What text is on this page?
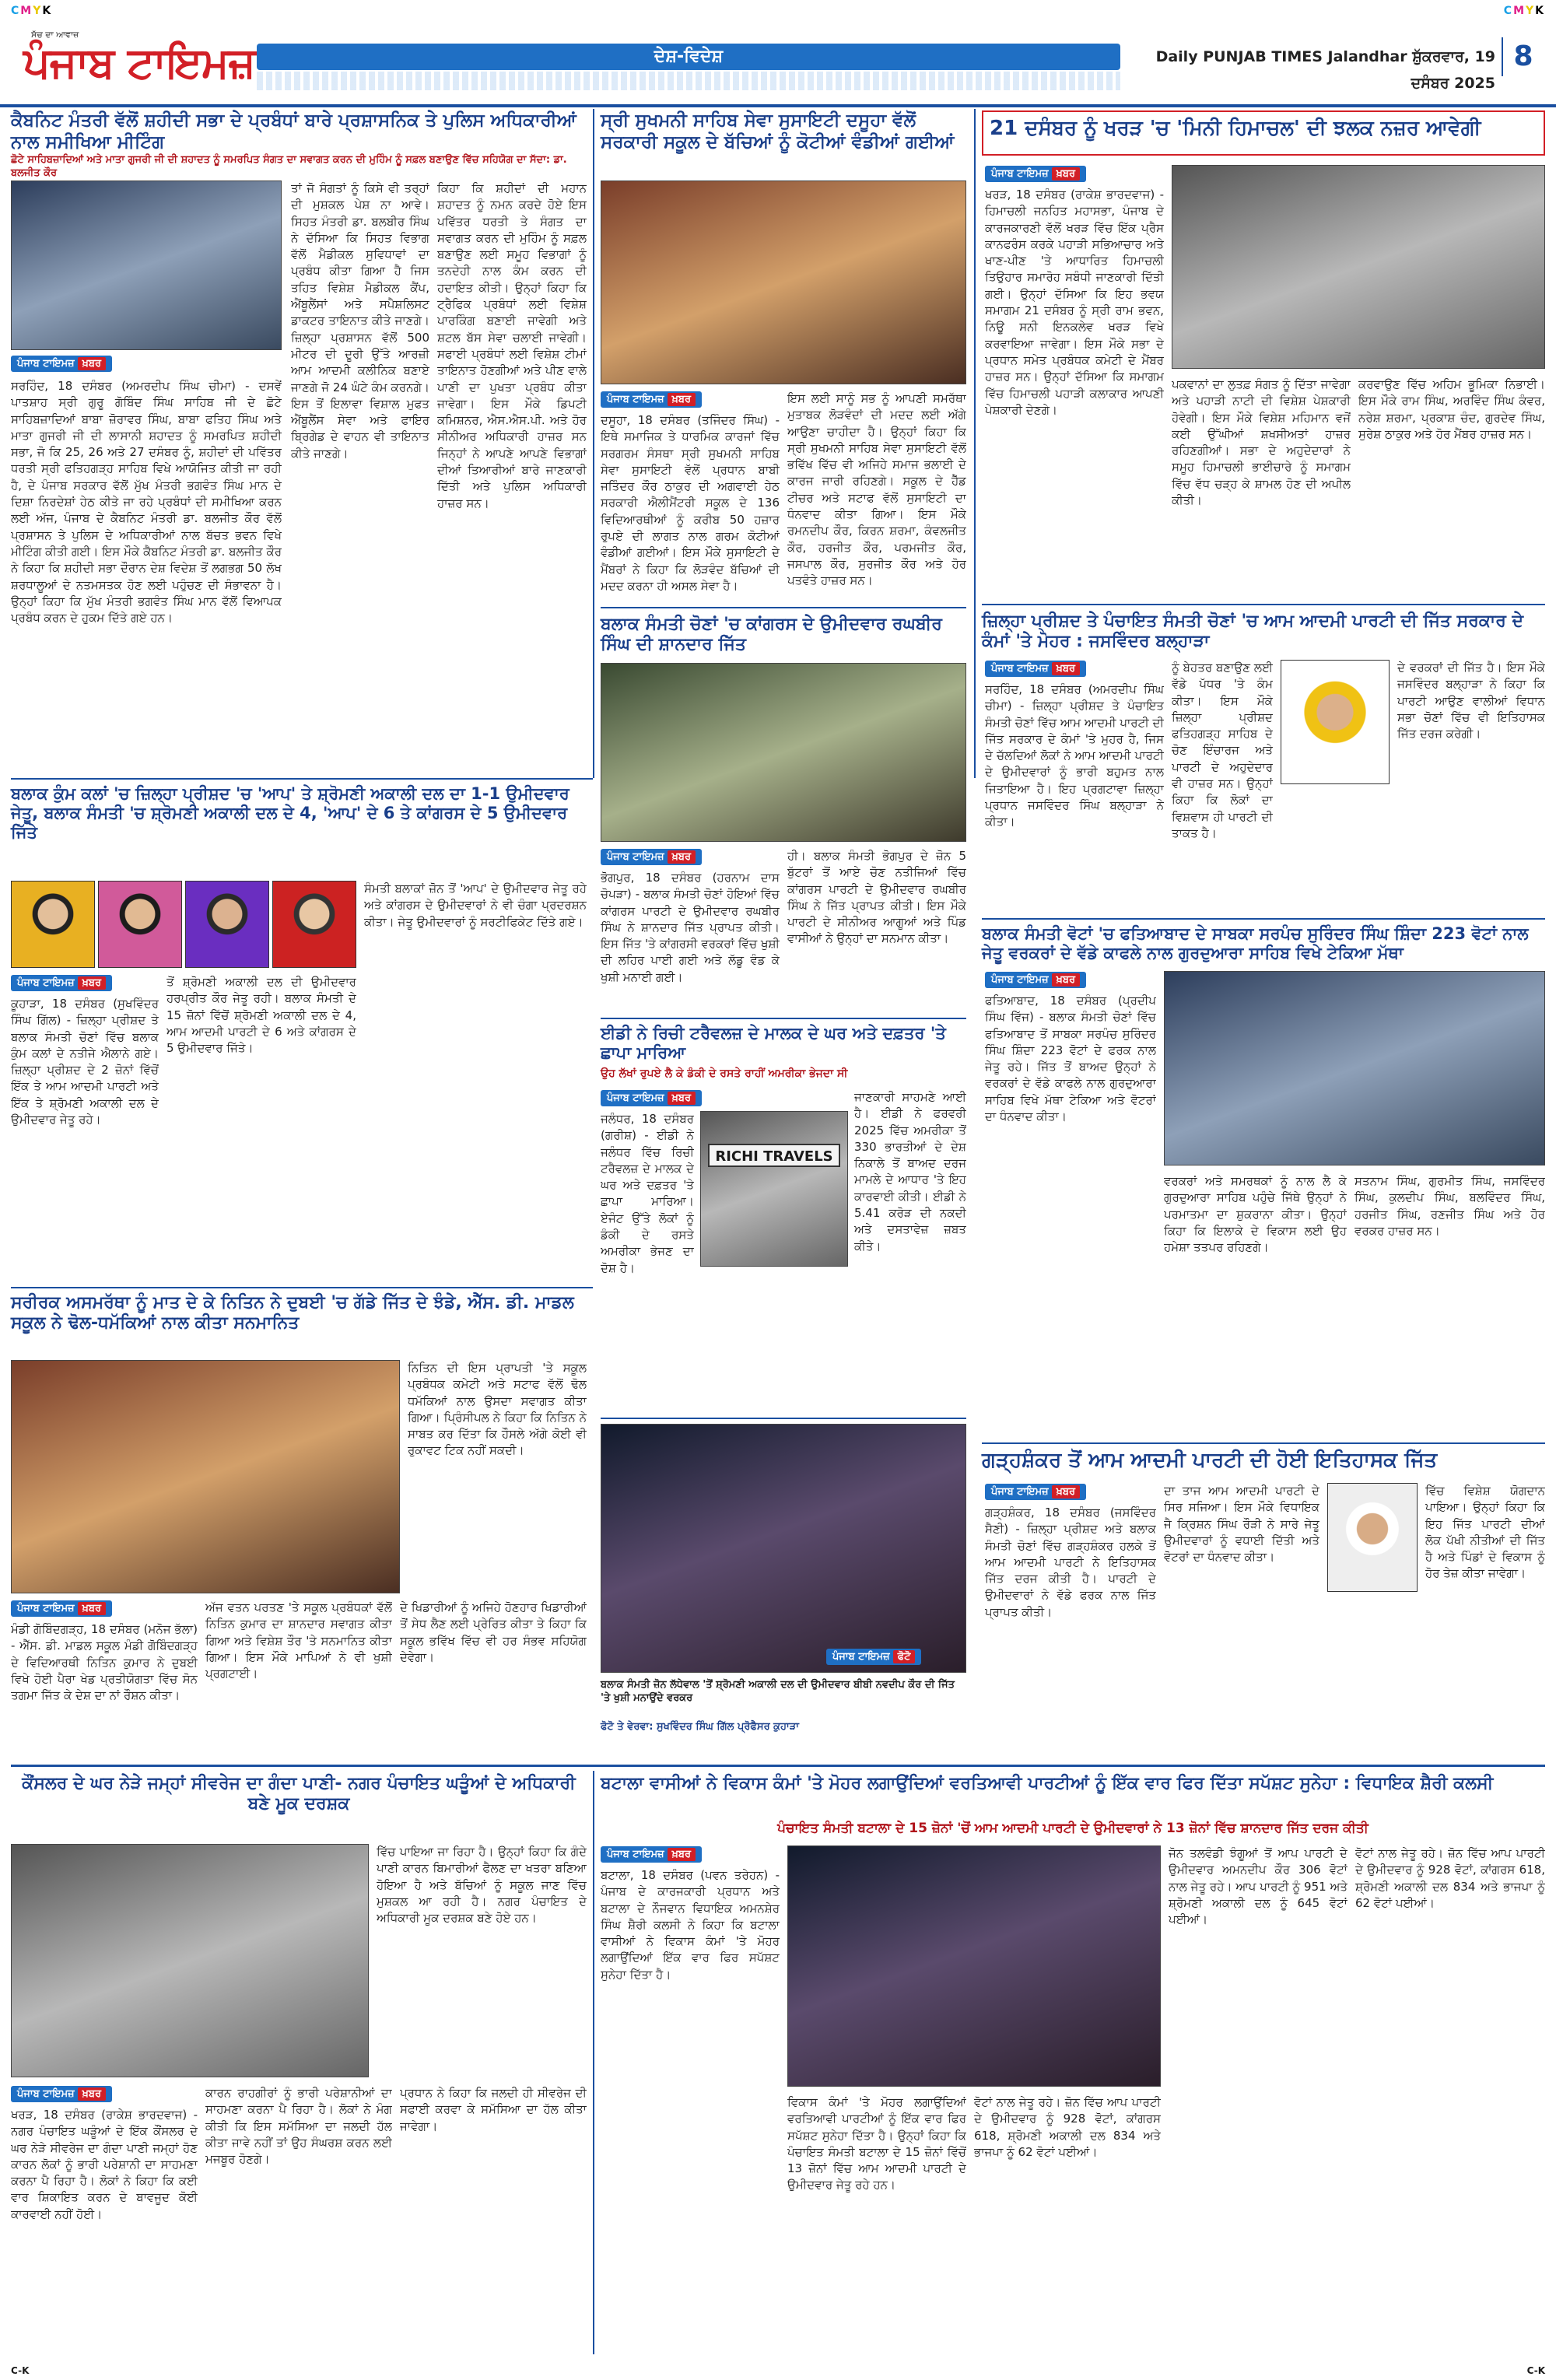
CMYK	CMYK
ਸੱਚ ਦਾ ਆਵਾਜ਼
ਪੰਜਾਬ ਟਾਇਮਜ਼	ਦੇਸ਼-ਵਿਦੇਸ਼	Daily PUNJAB TIMES Jalandhar ਸ਼ੁੱਕਰਵਾਰ, 19 ਦਸੰਬਰ 2025
8
ਕੈਬਨਿਟ ਮੰਤਰੀ ਵੱਲੋਂ ਸ਼ਹੀਦੀ ਸਭਾ ਦੇ ਪ੍ਰਬੰਧਾਂ ਬਾਰੇ ਪ੍ਰਸ਼ਾਸਨਿਕ ਤੇ ਪੁਲਿਸ ਅਧਿਕਾਰੀਆਂ ਨਾਲ ਸਮੀਖਿਆ ਮੀਟਿੰਗ
ਛੋਟੇ ਸਾਹਿਬਜ਼ਾਦਿਆਂ ਅਤੇ ਮਾਤਾ ਗੁਜਰੀ ਜੀ ਦੀ ਸ਼ਹਾਦਤ ਨੂੰ ਸਮਰਪਿਤ ਸੰਗਤ ਦਾ ਸਵਾਗਤ ਕਰਨ ਦੀ ਮੁਹਿੰਮ ਨੂੰ ਸਫ਼ਲ ਬਣਾਉਣ ਵਿੱਚ ਸਹਿਯੋਗ ਦਾ ਸੱਦਾ: ਡਾ. ਬਲਜੀਤ ਕੌਰ
ਪੰਜਾਬ ਟਾਇਮਜ਼ ਖ਼ਬਰ
ਸਰਹਿੰਦ, 18 ਦਸੰਬਰ (ਅਮਰਦੀਪ ਸਿੰਘ ਚੀਮਾ) - ਦਸਵੇਂ ਪਾਤਸ਼ਾਹ ਸ੍ਰੀ ਗੁਰੂ ਗੋਬਿੰਦ ਸਿੰਘ ਸਾਹਿਬ ਜੀ ਦੇ ਛੋਟੇ ਸਾਹਿਬਜ਼ਾਦਿਆਂ ਬਾਬਾ ਜ਼ੋਰਾਵਰ ਸਿੰਘ, ਬਾਬਾ ਫਤਿਹ ਸਿੰਘ ਅਤੇ ਮਾਤਾ ਗੁਜਰੀ ਜੀ ਦੀ ਲਾਸਾਨੀ ਸ਼ਹਾਦਤ ਨੂੰ ਸਮਰਪਿਤ ਸ਼ਹੀਦੀ ਸਭਾ, ਜੋ ਕਿ 25, 26 ਅਤੇ 27 ਦਸੰਬਰ ਨੂੰ, ਸ਼ਹੀਦਾਂ ਦੀ ਪਵਿੱਤਰ ਧਰਤੀ ਸ੍ਰੀ ਫਤਿਹਗੜ੍ਹ ਸਾਹਿਬ ਵਿਖੇ ਆਯੋਜਿਤ ਕੀਤੀ ਜਾ ਰਹੀ ਹੈ, ਦੇ ਪੰਜਾਬ ਸਰਕਾਰ ਵੱਲੋਂ ਮੁੱਖ ਮੰਤਰੀ ਭਗਵੰਤ ਸਿੰਘ ਮਾਨ ਦੇ ਦਿਸ਼ਾ ਨਿਰਦੇਸ਼ਾਂ ਹੇਠ ਕੀਤੇ ਜਾ ਰਹੇ ਪ੍ਰਬੰਧਾਂ ਦੀ ਸਮੀਖਿਆ ਕਰਨ ਲਈ ਅੱਜ, ਪੰਜਾਬ ਦੇ ਕੈਬਨਿਟ ਮੰਤਰੀ ਡਾ. ਬਲਜੀਤ ਕੌਰ ਵੱਲੋਂ ਪ੍ਰਸ਼ਾਸਨ ਤੇ ਪੁਲਿਸ ਦੇ ਅਧਿਕਾਰੀਆਂ ਨਾਲ ਬੱਚਤ ਭਵਨ ਵਿਖੇ ਮੀਟਿੰਗ ਕੀਤੀ ਗਈ। ਇਸ ਮੌਕੇ ਕੈਬਨਿਟ ਮੰਤਰੀ ਡਾ. ਬਲਜੀਤ ਕੌਰ ਨੇ ਕਿਹਾ ਕਿ ਸ਼ਹੀਦੀ ਸਭਾ ਦੌਰਾਨ ਦੇਸ਼ ਵਿਦੇਸ਼ ਤੋਂ ਲਗਭਗ 50 ਲੱਖ ਸ਼ਰਧਾਲੂਆਂ ਦੇ ਨਤਮਸਤਕ ਹੋਣ ਲਈ ਪਹੁੰਚਣ ਦੀ ਸੰਭਾਵਨਾ ਹੈ। ਉਨ੍ਹਾਂ ਕਿਹਾ ਕਿ ਮੁੱਖ ਮੰਤਰੀ ਭਗਵੰਤ ਸਿੰਘ ਮਾਨ ਵੱਲੋਂ ਵਿਆਪਕ ਪ੍ਰਬੰਧ ਕਰਨ ਦੇ ਹੁਕਮ ਦਿੱਤੇ ਗਏ ਹਨ।
ਤਾਂ ਜੋ ਸੰਗਤਾਂ ਨੂੰ ਕਿਸੇ ਵੀ ਤਰ੍ਹਾਂ ਦੀ ਮੁਸ਼ਕਲ ਪੇਸ਼ ਨਾ ਆਵੇ। ਸਿਹਤ ਮੰਤਰੀ ਡਾ. ਬਲਬੀਰ ਸਿੰਘ ਨੇ ਦੱਸਿਆ ਕਿ ਸਿਹਤ ਵਿਭਾਗ ਵੱਲੋਂ ਮੈਡੀਕਲ ਸੁਵਿਧਾਵਾਂ ਦਾ ਪ੍ਰਬੰਧ ਕੀਤਾ ਗਿਆ ਹੈ ਜਿਸ ਤਹਿਤ ਵਿਸ਼ੇਸ਼ ਮੈਡੀਕਲ ਕੈਂਪ, ਐਂਬੂਲੈਂਸਾਂ ਅਤੇ ਸਪੈਸ਼ਲਿਸਟ ਡਾਕਟਰ ਤਾਇਨਾਤ ਕੀਤੇ ਜਾਣਗੇ। ਜ਼ਿਲ੍ਹਾ ਪ੍ਰਸ਼ਾਸਨ ਵੱਲੋਂ 500 ਮੀਟਰ ਦੀ ਦੂਰੀ ਉੱਤੇ ਆਰਜ਼ੀ ਆਮ ਆਦਮੀ ਕਲੀਨਿਕ ਬਣਾਏ ਜਾਣਗੇ ਜੋ 24 ਘੰਟੇ ਕੰਮ ਕਰਨਗੇ। ਇਸ ਤੋਂ ਇਲਾਵਾ ਵਿਸ਼ਾਲ ਮੁਫਤ ਐਂਬੂਲੈਂਸ ਸੇਵਾ ਅਤੇ ਫਾਇਰ ਬ੍ਰਿਗੇਡ ਦੇ ਵਾਹਨ ਵੀ ਤਾਇਨਾਤ ਕੀਤੇ ਜਾਣਗੇ।
ਕਿਹਾ ਕਿ ਸ਼ਹੀਦਾਂ ਦੀ ਮਹਾਨ ਸ਼ਹਾਦਤ ਨੂੰ ਨਮਨ ਕਰਦੇ ਹੋਏ ਇਸ ਪਵਿੱਤਰ ਧਰਤੀ ਤੇ ਸੰਗਤ ਦਾ ਸਵਾਗਤ ਕਰਨ ਦੀ ਮੁਹਿੰਮ ਨੂੰ ਸਫ਼ਲ ਬਣਾਉਣ ਲਈ ਸਮੂਹ ਵਿਭਾਗਾਂ ਨੂੰ ਤਨਦੇਹੀ ਨਾਲ ਕੰਮ ਕਰਨ ਦੀ ਹਦਾਇਤ ਕੀਤੀ। ਉਨ੍ਹਾਂ ਕਿਹਾ ਕਿ ਟ੍ਰੈਫਿਕ ਪ੍ਰਬੰਧਾਂ ਲਈ ਵਿਸ਼ੇਸ਼ ਪਾਰਕਿੰਗ ਬਣਾਈ ਜਾਵੇਗੀ ਅਤੇ ਸ਼ਟਲ ਬੱਸ ਸੇਵਾ ਚਲਾਈ ਜਾਵੇਗੀ। ਸਫਾਈ ਪ੍ਰਬੰਧਾਂ ਲਈ ਵਿਸ਼ੇਸ਼ ਟੀਮਾਂ ਤਾਇਨਾਤ ਹੋਣਗੀਆਂ ਅਤੇ ਪੀਣ ਵਾਲੇ ਪਾਣੀ ਦਾ ਪੁਖਤਾ ਪ੍ਰਬੰਧ ਕੀਤਾ ਜਾਵੇਗਾ। ਇਸ ਮੌਕੇ ਡਿਪਟੀ ਕਮਿਸ਼ਨਰ, ਐਸ.ਐਸ.ਪੀ. ਅਤੇ ਹੋਰ ਸੀਨੀਅਰ ਅਧਿਕਾਰੀ ਹਾਜ਼ਰ ਸਨ ਜਿਨ੍ਹਾਂ ਨੇ ਆਪਣੇ ਆਪਣੇ ਵਿਭਾਗਾਂ ਦੀਆਂ ਤਿਆਰੀਆਂ ਬਾਰੇ ਜਾਣਕਾਰੀ ਦਿੱਤੀ ਅਤੇ ਪੁਲਿਸ ਅਧਿਕਾਰੀ ਹਾਜ਼ਰ ਸਨ।
ਸ੍ਰੀ ਸੁਖਮਨੀ ਸਾਹਿਬ ਸੇਵਾ ਸੁਸਾਇਟੀ ਦਸੂਹਾ ਵੱਲੋਂ ਸਰਕਾਰੀ ਸਕੂਲ ਦੇ ਬੱਚਿਆਂ ਨੂੰ ਕੋਟੀਆਂ ਵੰਡੀਆਂ ਗਈਆਂ
ਪੰਜਾਬ ਟਾਇਮਜ਼ ਖ਼ਬਰ
ਦਸੂਹਾ, 18 ਦਸੰਬਰ (ਤਜਿੰਦਰ ਸਿੰਘ) - ਇਥੇ ਸਮਾਜਿਕ ਤੇ ਧਾਰਮਿਕ ਕਾਰਜਾਂ ਵਿੱਚ ਸਰਗਰਮ ਸੰਸਥਾ ਸ੍ਰੀ ਸੁਖਮਨੀ ਸਾਹਿਬ ਸੇਵਾ ਸੁਸਾਇਟੀ ਵੱਲੋਂ ਪ੍ਰਧਾਨ ਬਾਬੀ ਜਤਿੰਦਰ ਕੌਰ ਠਾਕੁਰ ਦੀ ਅਗਵਾਈ ਹੇਠ ਸਰਕਾਰੀ ਐਲੀਮੈਂਟਰੀ ਸਕੂਲ ਦੇ 136 ਵਿਦਿਆਰਥੀਆਂ ਨੂੰ ਕਰੀਬ 50 ਹਜ਼ਾਰ ਰੁਪਏ ਦੀ ਲਾਗਤ ਨਾਲ ਗਰਮ ਕੋਟੀਆਂ ਵੰਡੀਆਂ ਗਈਆਂ। ਇਸ ਮੌਕੇ ਸੁਸਾਇਟੀ ਦੇ ਮੈਂਬਰਾਂ ਨੇ ਕਿਹਾ ਕਿ ਲੋੜਵੰਦ ਬੱਚਿਆਂ ਦੀ ਮਦਦ ਕਰਨਾ ਹੀ ਅਸਲ ਸੇਵਾ ਹੈ।
ਇਸ ਲਈ ਸਾਨੂੰ ਸਭ ਨੂੰ ਆਪਣੀ ਸਮਰੱਥਾ ਮੁਤਾਬਕ ਲੋੜਵੰਦਾਂ ਦੀ ਮਦਦ ਲਈ ਅੱਗੇ ਆਉਣਾ ਚਾਹੀਦਾ ਹੈ। ਉਨ੍ਹਾਂ ਕਿਹਾ ਕਿ ਸ੍ਰੀ ਸੁਖਮਨੀ ਸਾਹਿਬ ਸੇਵਾ ਸੁਸਾਇਟੀ ਵੱਲੋਂ ਭਵਿੱਖ ਵਿੱਚ ਵੀ ਅਜਿਹੇ ਸਮਾਜ ਭਲਾਈ ਦੇ ਕਾਰਜ ਜਾਰੀ ਰਹਿਣਗੇ। ਸਕੂਲ ਦੇ ਹੈੱਡ ਟੀਚਰ ਅਤੇ ਸਟਾਫ ਵੱਲੋਂ ਸੁਸਾਇਟੀ ਦਾ ਧੰਨਵਾਦ ਕੀਤਾ ਗਿਆ। ਇਸ ਮੌਕੇ ਰਮਨਦੀਪ ਕੌਰ, ਕਿਰਨ ਸ਼ਰਮਾ, ਕੰਵਲਜੀਤ ਕੌਰ, ਹਰਜੀਤ ਕੌਰ, ਪਰਮਜੀਤ ਕੌਰ, ਜਸਪਾਲ ਕੌਰ, ਸੁਰਜੀਤ ਕੌਰ ਅਤੇ ਹੋਰ ਪਤਵੰਤੇ ਹਾਜ਼ਰ ਸਨ।
21 ਦਸੰਬਰ ਨੂੰ ਖਰੜ 'ਚ 'ਮਿਨੀ ਹਿਮਾਚਲ' ਦੀ ਝਲਕ ਨਜ਼ਰ ਆਵੇਗੀ
ਪੰਜਾਬ ਟਾਇਮਜ਼ ਖ਼ਬਰ
ਖਰੜ, 18 ਦਸੰਬਰ (ਰਾਕੇਸ਼ ਭਾਰਦਵਾਜ) - ਹਿਮਾਚਲੀ ਜਨਹਿਤ ਮਹਾਸਭਾ, ਪੰਜਾਬ ਦੇ ਕਾਰਜਕਾਰਣੀ ਵੱਲੋਂ ਖਰੜ ਵਿੱਚ ਇੱਕ ਪ੍ਰੈਸ ਕਾਨਫਰੰਸ ਕਰਕੇ ਪਹਾੜੀ ਸਭਿਆਚਾਰ ਅਤੇ ਖਾਣ-ਪੀਣ 'ਤੇ ਆਧਾਰਿਤ ਹਿਮਾਚਲੀ ਤਿਉਹਾਰ ਸਮਾਰੋਹ ਸਬੰਧੀ ਜਾਣਕਾਰੀ ਦਿੱਤੀ ਗਈ। ਉਨ੍ਹਾਂ ਦੱਸਿਆ ਕਿ ਇਹ ਭਵਯ ਸਮਾਗਮ 21 ਦਸੰਬਰ ਨੂੰ ਸ੍ਰੀ ਰਾਮ ਭਵਨ, ਨਿਊ ਸਨੀ ਇਨਕਲੇਵ ਖਰੜ ਵਿਖੇ ਕਰਵਾਇਆ ਜਾਵੇਗਾ। ਇਸ ਮੌਕੇ ਸਭਾ ਦੇ ਪ੍ਰਧਾਨ ਸਮੇਤ ਪ੍ਰਬੰਧਕ ਕਮੇਟੀ ਦੇ ਮੈਂਬਰ ਹਾਜ਼ਰ ਸਨ। ਉਨ੍ਹਾਂ ਦੱਸਿਆ ਕਿ ਸਮਾਗਮ ਵਿੱਚ ਹਿਮਾਚਲੀ ਪਹਾੜੀ ਕਲਾਕਾਰ ਆਪਣੀ ਪੇਸ਼ਕਾਰੀ ਦੇਣਗੇ।
ਪਕਵਾਨਾਂ ਦਾ ਲੁਤਫ਼ ਸੰਗਤ ਨੂੰ ਦਿੱਤਾ ਜਾਵੇਗਾ ਅਤੇ ਪਹਾੜੀ ਨਾਟੀ ਦੀ ਵਿਸ਼ੇਸ਼ ਪੇਸ਼ਕਾਰੀ ਹੋਵੇਗੀ। ਇਸ ਮੌਕੇ ਵਿਸ਼ੇਸ਼ ਮਹਿਮਾਨ ਵਜੋਂ ਕਈ ਉੱਘੀਆਂ ਸ਼ਖਸੀਅਤਾਂ ਹਾਜ਼ਰ ਰਹਿਣਗੀਆਂ। ਸਭਾ ਦੇ ਅਹੁਦੇਦਾਰਾਂ ਨੇ ਸਮੂਹ ਹਿਮਾਚਲੀ ਭਾਈਚਾਰੇ ਨੂੰ ਸਮਾਗਮ ਵਿੱਚ ਵੱਧ ਚੜ੍ਹ ਕੇ ਸ਼ਾਮਲ ਹੋਣ ਦੀ ਅਪੀਲ ਕੀਤੀ।
ਕਰਵਾਉਣ ਵਿੱਚ ਅਹਿਮ ਭੂਮਿਕਾ ਨਿਭਾਈ। ਇਸ ਮੌਕੇ ਰਾਮ ਸਿੰਘ, ਅਰਵਿੰਦ ਸਿੰਘ ਕੰਵਰ, ਨਰੇਸ਼ ਸ਼ਰਮਾ, ਪ੍ਰਕਾਸ਼ ਚੰਦ, ਗੁਰਦੇਵ ਸਿੰਘ, ਸੁਰੇਸ਼ ਠਾਕੁਰ ਅਤੇ ਹੋਰ ਮੈਂਬਰ ਹਾਜ਼ਰ ਸਨ।
ਜ਼ਿਲ੍ਹਾ ਪ੍ਰੀਸ਼ਦ ਤੇ ਪੰਚਾਇਤ ਸੰਮਤੀ ਚੋਣਾਂ 'ਚ ਆਮ ਆਦਮੀ ਪਾਰਟੀ ਦੀ ਜਿੱਤ ਸਰਕਾਰ ਦੇ ਕੰਮਾਂ 'ਤੇ ਮੋਹਰ : ਜਸਵਿੰਦਰ ਬਲ੍ਹਾੜਾ
ਪੰਜਾਬ ਟਾਇਮਜ਼ ਖ਼ਬਰ
ਸਰਹਿੰਦ, 18 ਦਸੰਬਰ (ਅਮਰਦੀਪ ਸਿੰਘ ਚੀਮਾ) - ਜ਼ਿਲ੍ਹਾ ਪ੍ਰੀਸ਼ਦ ਤੇ ਪੰਚਾਇਤ ਸੰਮਤੀ ਚੋਣਾਂ ਵਿੱਚ ਆਮ ਆਦਮੀ ਪਾਰਟੀ ਦੀ ਜਿੱਤ ਸਰਕਾਰ ਦੇ ਕੰਮਾਂ 'ਤੇ ਮੁਹਰ ਹੈ, ਜਿਸ ਦੇ ਚੱਲਦਿਆਂ ਲੋਕਾਂ ਨੇ ਆਮ ਆਦਮੀ ਪਾਰਟੀ ਦੇ ਉਮੀਦਵਾਰਾਂ ਨੂੰ ਭਾਰੀ ਬਹੁਮਤ ਨਾਲ ਜਿਤਾਇਆ ਹੈ। ਇਹ ਪ੍ਰਗਟਾਵਾ ਜ਼ਿਲ੍ਹਾ ਪ੍ਰਧਾਨ ਜਸਵਿੰਦਰ ਸਿੰਘ ਬਲ੍ਹਾੜਾ ਨੇ ਕੀਤਾ।
ਨੂੰ ਬੇਹਤਰ ਬਣਾਉਣ ਲਈ ਵੱਡੇ ਪੱਧਰ 'ਤੇ ਕੰਮ ਕੀਤਾ। ਇਸ ਮੌਕੇ ਜ਼ਿਲ੍ਹਾ ਪ੍ਰੀਸ਼ਦ ਫਤਿਹਗੜ੍ਹ ਸਾਹਿਬ ਦੇ ਚੋਣ ਇੰਚਾਰਜ ਅਤੇ ਪਾਰਟੀ ਦੇ ਅਹੁਦੇਦਾਰ ਵੀ ਹਾਜ਼ਰ ਸਨ। ਉਨ੍ਹਾਂ ਕਿਹਾ ਕਿ ਲੋਕਾਂ ਦਾ ਵਿਸ਼ਵਾਸ ਹੀ ਪਾਰਟੀ ਦੀ ਤਾਕਤ ਹੈ।
ਦੇ ਵਰਕਰਾਂ ਦੀ ਜਿੱਤ ਹੈ। ਇਸ ਮੌਕੇ ਜਸਵਿੰਦਰ ਬਲ੍ਹਾੜਾ ਨੇ ਕਿਹਾ ਕਿ ਪਾਰਟੀ ਆਉਣ ਵਾਲੀਆਂ ਵਿਧਾਨ ਸਭਾ ਚੋਣਾਂ ਵਿੱਚ ਵੀ ਇਤਿਹਾਸਕ ਜਿੱਤ ਦਰਜ ਕਰੇਗੀ।
ਬਲਾਕ ਸੰਮਤੀ ਚੋਣਾਂ 'ਚ ਕਾਂਗਰਸ ਦੇ ਉਮੀਦਵਾਰ ਰਘਬੀਰ ਸਿੰਘ ਦੀ ਸ਼ਾਨਦਾਰ ਜਿੱਤ
ਪੰਜਾਬ ਟਾਇਮਜ਼ ਖ਼ਬਰ
ਭੋਗਪੁਰ, 18 ਦਸੰਬਰ (ਹਰਨਾਮ ਦਾਸ ਚੋਪੜਾ) - ਬਲਾਕ ਸੰਮਤੀ ਚੋਣਾਂ ਹੋਇਆਂ ਵਿੱਚ ਕਾਂਗਰਸ ਪਾਰਟੀ ਦੇ ਉਮੀਦਵਾਰ ਰਘਬੀਰ ਸਿੰਘ ਨੇ ਸ਼ਾਨਦਾਰ ਜਿੱਤ ਪ੍ਰਾਪਤ ਕੀਤੀ। ਇਸ ਜਿੱਤ 'ਤੇ ਕਾਂਗਰਸੀ ਵਰਕਰਾਂ ਵਿੱਚ ਖੁਸ਼ੀ ਦੀ ਲਹਿਰ ਪਾਈ ਗਈ ਅਤੇ ਲੱਡੂ ਵੰਡ ਕੇ ਖੁਸ਼ੀ ਮਨਾਈ ਗਈ।
ਹੀ। ਬਲਾਕ ਸੰਮਤੀ ਭੋਗਪੁਰ ਦੇ ਜ਼ੋਨ 5 ਬੁੱਟਰਾਂ ਤੋਂ ਆਏ ਚੋਣ ਨਤੀਜਿਆਂ ਵਿੱਚ ਕਾਂਗਰਸ ਪਾਰਟੀ ਦੇ ਉਮੀਦਵਾਰ ਰਘਬੀਰ ਸਿੰਘ ਨੇ ਜਿੱਤ ਪ੍ਰਾਪਤ ਕੀਤੀ। ਇਸ ਮੌਕੇ ਪਾਰਟੀ ਦੇ ਸੀਨੀਅਰ ਆਗੂਆਂ ਅਤੇ ਪਿੰਡ ਵਾਸੀਆਂ ਨੇ ਉਨ੍ਹਾਂ ਦਾ ਸਨਮਾਨ ਕੀਤਾ।
ਬਲਾਕ ਕੁੰਮ ਕਲਾਂ 'ਚ ਜ਼ਿਲ੍ਹਾ ਪ੍ਰੀਸ਼ਦ 'ਚ 'ਆਪ' ਤੇ ਸ਼੍ਰੋਮਣੀ ਅਕਾਲੀ ਦਲ ਦਾ 1-1 ਉਮੀਦਵਾਰ ਜੇਤੂ, ਬਲਾਕ ਸੰਮਤੀ 'ਚ ਸ਼੍ਰੋਮਣੀ ਅਕਾਲੀ ਦਲ ਦੇ 4, 'ਆਪ' ਦੇ 6 ਤੇ ਕਾਂਗਰਸ ਦੇ 5 ਉਮੀਦਵਾਰ ਜਿੱਤੇ
ਪੰਜਾਬ ਟਾਇਮਜ਼ ਖ਼ਬਰ
ਕੂਹਾੜਾ, 18 ਦਸੰਬਰ (ਸੁਖਵਿੰਦਰ ਸਿੰਘ ਗਿੱਲ) - ਜ਼ਿਲ੍ਹਾ ਪ੍ਰੀਸ਼ਦ ਤੇ ਬਲਾਕ ਸੰਮਤੀ ਚੋਣਾਂ ਵਿੱਚ ਬਲਾਕ ਕੁੰਮ ਕਲਾਂ ਦੇ ਨਤੀਜੇ ਐਲਾਨੇ ਗਏ। ਜ਼ਿਲ੍ਹਾ ਪ੍ਰੀਸ਼ਦ ਦੇ 2 ਜ਼ੋਨਾਂ ਵਿੱਚੋਂ ਇੱਕ ਤੇ ਆਮ ਆਦਮੀ ਪਾਰਟੀ ਅਤੇ ਇੱਕ ਤੇ ਸ਼੍ਰੋਮਣੀ ਅਕਾਲੀ ਦਲ ਦੇ ਉਮੀਦਵਾਰ ਜੇਤੂ ਰਹੇ।
ਤੋਂ ਸ਼੍ਰੋਮਣੀ ਅਕਾਲੀ ਦਲ ਦੀ ਉਮੀਦਵਾਰ ਹਰਪ੍ਰੀਤ ਕੌਰ ਜੇਤੂ ਰਹੀ। ਬਲਾਕ ਸੰਮਤੀ ਦੇ 15 ਜ਼ੋਨਾਂ ਵਿੱਚੋਂ ਸ਼੍ਰੋਮਣੀ ਅਕਾਲੀ ਦਲ ਦੇ 4, ਆਮ ਆਦਮੀ ਪਾਰਟੀ ਦੇ 6 ਅਤੇ ਕਾਂਗਰਸ ਦੇ 5 ਉਮੀਦਵਾਰ ਜਿੱਤੇ।
ਸੰਮਤੀ ਬਲਾਕਾਂ ਜ਼ੋਨ ਤੋਂ 'ਆਪ' ਦੇ ਉਮੀਦਵਾਰ ਜੇਤੂ ਰਹੇ ਅਤੇ ਕਾਂਗਰਸ ਦੇ ਉਮੀਦਵਾਰਾਂ ਨੇ ਵੀ ਚੰਗਾ ਪ੍ਰਦਰਸ਼ਨ ਕੀਤਾ। ਜੇਤੂ ਉਮੀਦਵਾਰਾਂ ਨੂੰ ਸਰਟੀਫਿਕੇਟ ਦਿੱਤੇ ਗਏ।
ਸਰੀਰਕ ਅਸਮਰੱਥਾ ਨੂੰ ਮਾਤ ਦੇ ਕੇ ਨਿਤਿਨ ਨੇ ਦੁਬਈ 'ਚ ਗੱਡੇ ਜਿੱਤ ਦੇ ਝੰਡੇ, ਐੱਸ. ਡੀ. ਮਾਡਲ ਸਕੂਲ ਨੇ ਢੋਲ-ਧਮੱਕਿਆਂ ਨਾਲ ਕੀਤਾ ਸਨਮਾਨਿਤ
ਨਿਤਿਨ ਦੀ ਇਸ ਪ੍ਰਾਪਤੀ 'ਤੇ ਸਕੂਲ ਪ੍ਰਬੰਧਕ ਕਮੇਟੀ ਅਤੇ ਸਟਾਫ ਵੱਲੋਂ ਢੋਲ ਧਮੱਕਿਆਂ ਨਾਲ ਉਸਦਾ ਸਵਾਗਤ ਕੀਤਾ ਗਿਆ। ਪ੍ਰਿੰਸੀਪਲ ਨੇ ਕਿਹਾ ਕਿ ਨਿਤਿਨ ਨੇ ਸਾਬਤ ਕਰ ਦਿੱਤਾ ਕਿ ਹੌਸਲੇ ਅੱਗੇ ਕੋਈ ਵੀ ਰੁਕਾਵਟ ਟਿਕ ਨਹੀਂ ਸਕਦੀ।
ਪੰਜਾਬ ਟਾਇਮਜ਼ ਖ਼ਬਰ
ਮੰਡੀ ਗੋਬਿੰਦਗੜ੍ਹ, 18 ਦਸੰਬਰ (ਮਨੋਜ ਭੱਲਾ) - ਐੱਸ. ਡੀ. ਮਾਡਲ ਸਕੂਲ ਮੰਡੀ ਗੋਬਿੰਦਗੜ੍ਹ ਦੇ ਵਿਦਿਆਰਥੀ ਨਿਤਿਨ ਕੁਮਾਰ ਨੇ ਦੁਬਈ ਵਿਖੇ ਹੋਈ ਪੈਰਾ ਖੇਡ ਪ੍ਰਤੀਯੋਗਤਾ ਵਿੱਚ ਸੋਨ ਤਗਮਾ ਜਿੱਤ ਕੇ ਦੇਸ਼ ਦਾ ਨਾਂ ਰੌਸ਼ਨ ਕੀਤਾ।
ਅੱਜ ਵਤਨ ਪਰਤਣ 'ਤੇ ਸਕੂਲ ਪ੍ਰਬੰਧਕਾਂ ਵੱਲੋਂ ਨਿਤਿਨ ਕੁਮਾਰ ਦਾ ਸ਼ਾਨਦਾਰ ਸਵਾਗਤ ਕੀਤਾ ਗਿਆ ਅਤੇ ਵਿਸ਼ੇਸ਼ ਤੌਰ 'ਤੇ ਸਨਮਾਨਿਤ ਕੀਤਾ ਗਿਆ। ਇਸ ਮੌਕੇ ਮਾਪਿਆਂ ਨੇ ਵੀ ਖੁਸ਼ੀ ਪ੍ਰਗਟਾਈ।
ਦੇ ਖਿਡਾਰੀਆਂ ਨੂੰ ਅਜਿਹੇ ਹੋਣਹਾਰ ਖਿਡਾਰੀਆਂ ਤੋਂ ਸੇਧ ਲੈਣ ਲਈ ਪ੍ਰੇਰਿਤ ਕੀਤਾ ਤੇ ਕਿਹਾ ਕਿ ਸਕੂਲ ਭਵਿੱਖ ਵਿੱਚ ਵੀ ਹਰ ਸੰਭਵ ਸਹਿਯੋਗ ਦੇਵੇਗਾ।
ਈਡੀ ਨੇ ਰਿਚੀ ਟਰੈਵਲਜ਼ ਦੇ ਮਾਲਕ ਦੇ ਘਰ ਅਤੇ ਦਫ਼ਤਰ 'ਤੇ ਛਾਪਾ ਮਾਰਿਆ
ਉਹ ਲੱਖਾਂ ਰੁਪਏ ਲੈ ਕੇ ਡੰਕੀ ਦੇ ਰਸਤੇ ਰਾਹੀਂ ਅਮਰੀਕਾ ਭੇਜਦਾ ਸੀ
ਪੰਜਾਬ ਟਾਇਮਜ਼ ਖ਼ਬਰ
ਜਲੰਧਰ, 18 ਦਸੰਬਰ (ਗਰੀਸ਼) - ਈਡੀ ਨੇ ਜਲੰਧਰ ਵਿੱਚ ਰਿਚੀ ਟਰੈਵਲਜ਼ ਦੇ ਮਾਲਕ ਦੇ ਘਰ ਅਤੇ ਦਫ਼ਤਰ 'ਤੇ ਛਾਪਾ ਮਾਰਿਆ। ਏਜੰਟ ਉੱਤੇ ਲੋਕਾਂ ਨੂੰ ਡੰਕੀ ਦੇ ਰਸਤੇ ਅਮਰੀਕਾ ਭੇਜਣ ਦਾ ਦੋਸ਼ ਹੈ।
RICHI TRAVELS
ਜਾਣਕਾਰੀ ਸਾਹਮਣੇ ਆਈ ਹੈ। ਈਡੀ ਨੇ ਫਰਵਰੀ 2025 ਵਿੱਚ ਅਮਰੀਕਾ ਤੋਂ 330 ਭਾਰਤੀਆਂ ਦੇ ਦੇਸ਼ ਨਿਕਾਲੇ ਤੋਂ ਬਾਅਦ ਦਰਜ ਮਾਮਲੇ ਦੇ ਆਧਾਰ 'ਤੇ ਇਹ ਕਾਰਵਾਈ ਕੀਤੀ। ਈਡੀ ਨੇ 5.41 ਕਰੋੜ ਦੀ ਨਕਦੀ ਅਤੇ ਦਸਤਾਵੇਜ਼ ਜ਼ਬਤ ਕੀਤੇ।
ਬਲਾਕ ਸੰਮਤੀ ਜ਼ੋਨ ਲੱਧੇਵਾਲ 'ਤੋਂ ਸ਼੍ਰੋਮਣੀ ਅਕਾਲੀ ਦਲ ਦੀ ਉਮੀਦਵਾਰ ਬੀਬੀ ਨਵਦੀਪ ਕੌਰ ਦੀ ਜਿੱਤ 'ਤੇ ਖੁਸ਼ੀ ਮਨਾਉਂਦੇ ਵਰਕਰ
ਫੋਟੋ ਤੇ ਵੇਰਵਾ: ਸੁਖਵਿੰਦਰ ਸਿੰਘ ਗਿੱਲ ਪ੍ਰੋਫੈਸਰ ਕੁਹਾੜਾ
ਪੰਜਾਬ ਟਾਇਮਜ਼ ਫੋਟੋ
ਬਲਾਕ ਸੰਮਤੀ ਵੋਟਾਂ 'ਚ ਫਤਿਆਬਾਦ ਦੇ ਸਾਬਕਾ ਸਰਪੰਚ ਸੁਰਿੰਦਰ ਸਿੰਘ ਸ਼ਿੰਦਾ 223 ਵੋਟਾਂ ਨਾਲ ਜੇਤੂ ਵਰਕਰਾਂ ਦੇ ਵੱਡੇ ਕਾਫਲੇ ਨਾਲ ਗੁਰਦੁਆਰਾ ਸਾਹਿਬ ਵਿਖੇ ਟੇਕਿਆ ਮੱਥਾ
ਪੰਜਾਬ ਟਾਇਮਜ਼ ਖ਼ਬਰ
ਫਤਿਆਬਾਦ, 18 ਦਸੰਬਰ (ਪ੍ਰਦੀਪ ਸਿੰਘ ਵਿੱਜ) - ਬਲਾਕ ਸੰਮਤੀ ਚੋਣਾਂ ਵਿੱਚ ਫਤਿਆਬਾਦ ਤੋਂ ਸਾਬਕਾ ਸਰਪੰਚ ਸੁਰਿੰਦਰ ਸਿੰਘ ਸ਼ਿੰਦਾ 223 ਵੋਟਾਂ ਦੇ ਫਰਕ ਨਾਲ ਜੇਤੂ ਰਹੇ। ਜਿੱਤ ਤੋਂ ਬਾਅਦ ਉਨ੍ਹਾਂ ਨੇ ਵਰਕਰਾਂ ਦੇ ਵੱਡੇ ਕਾਫਲੇ ਨਾਲ ਗੁਰਦੁਆਰਾ ਸਾਹਿਬ ਵਿਖੇ ਮੱਥਾ ਟੇਕਿਆ ਅਤੇ ਵੋਟਰਾਂ ਦਾ ਧੰਨਵਾਦ ਕੀਤਾ।
ਵਰਕਰਾਂ ਅਤੇ ਸਮਰਥਕਾਂ ਨੂੰ ਨਾਲ ਲੈ ਕੇ ਗੁਰਦੁਆਰਾ ਸਾਹਿਬ ਪਹੁੰਚੇ ਜਿੱਥੇ ਉਨ੍ਹਾਂ ਨੇ ਪਰਮਾਤਮਾ ਦਾ ਸ਼ੁਕਰਾਨਾ ਕੀਤਾ। ਉਨ੍ਹਾਂ ਕਿਹਾ ਕਿ ਇਲਾਕੇ ਦੇ ਵਿਕਾਸ ਲਈ ਉਹ ਹਮੇਸ਼ਾ ਤਤਪਰ ਰਹਿਣਗੇ।
ਸਤਨਾਮ ਸਿੰਘ, ਗੁਰਮੀਤ ਸਿੰਘ, ਜਸਵਿੰਦਰ ਸਿੰਘ, ਕੁਲਦੀਪ ਸਿੰਘ, ਬਲਵਿੰਦਰ ਸਿੰਘ, ਹਰਜੀਤ ਸਿੰਘ, ਰਣਜੀਤ ਸਿੰਘ ਅਤੇ ਹੋਰ ਵਰਕਰ ਹਾਜ਼ਰ ਸਨ।
ਗੜ੍ਹਸ਼ੰਕਰ ਤੋਂ ਆਮ ਆਦਮੀ ਪਾਰਟੀ ਦੀ ਹੋਈ ਇਤਿਹਾਸਕ ਜਿੱਤ
ਪੰਜਾਬ ਟਾਇਮਜ਼ ਖ਼ਬਰ
ਗੜ੍ਹਸ਼ੰਕਰ, 18 ਦਸੰਬਰ (ਜਸਵਿੰਦਰ ਸੈਣੀ) - ਜ਼ਿਲ੍ਹਾ ਪ੍ਰੀਸ਼ਦ ਅਤੇ ਬਲਾਕ ਸੰਮਤੀ ਚੋਣਾਂ ਵਿੱਚ ਗੜ੍ਹਸ਼ੰਕਰ ਹਲਕੇ ਤੋਂ ਆਮ ਆਦਮੀ ਪਾਰਟੀ ਨੇ ਇਤਿਹਾਸਕ ਜਿੱਤ ਦਰਜ ਕੀਤੀ ਹੈ। ਪਾਰਟੀ ਦੇ ਉਮੀਦਵਾਰਾਂ ਨੇ ਵੱਡੇ ਫਰਕ ਨਾਲ ਜਿੱਤ ਪ੍ਰਾਪਤ ਕੀਤੀ।
ਦਾ ਤਾਜ ਆਮ ਆਦਮੀ ਪਾਰਟੀ ਦੇ ਸਿਰ ਸਜਿਆ। ਇਸ ਮੌਕੇ ਵਿਧਾਇਕ ਜੈ ਕ੍ਰਿਸ਼ਨ ਸਿੰਘ ਰੌੜੀ ਨੇ ਸਾਰੇ ਜੇਤੂ ਉਮੀਦਵਾਰਾਂ ਨੂੰ ਵਧਾਈ ਦਿੱਤੀ ਅਤੇ ਵੋਟਰਾਂ ਦਾ ਧੰਨਵਾਦ ਕੀਤਾ।
ਵਿੱਚ ਵਿਸ਼ੇਸ਼ ਯੋਗਦਾਨ ਪਾਇਆ। ਉਨ੍ਹਾਂ ਕਿਹਾ ਕਿ ਇਹ ਜਿੱਤ ਪਾਰਟੀ ਦੀਆਂ ਲੋਕ ਪੱਖੀ ਨੀਤੀਆਂ ਦੀ ਜਿੱਤ ਹੈ ਅਤੇ ਪਿੰਡਾਂ ਦੇ ਵਿਕਾਸ ਨੂੰ ਹੋਰ ਤੇਜ਼ ਕੀਤਾ ਜਾਵੇਗਾ।
ਕੌਂਸਲਰ ਦੇ ਘਰ ਨੇੜੇ ਜਮ੍ਹਾਂ ਸੀਵਰੇਜ ਦਾ ਗੰਦਾ ਪਾਣੀ- ਨਗਰ ਪੰਚਾਇਤ ਘੜੂੰਆਂ ਦੇ ਅਧਿਕਾਰੀ ਬਣੇ ਮੂਕ ਦਰਸ਼ਕ
ਵਿੱਚ ਪਾਇਆ ਜਾ ਰਿਹਾ ਹੈ। ਉਨ੍ਹਾਂ ਕਿਹਾ ਕਿ ਗੰਦੇ ਪਾਣੀ ਕਾਰਨ ਬਿਮਾਰੀਆਂ ਫੈਲਣ ਦਾ ਖਤਰਾ ਬਣਿਆ ਹੋਇਆ ਹੈ ਅਤੇ ਬੱਚਿਆਂ ਨੂੰ ਸਕੂਲ ਜਾਣ ਵਿੱਚ ਮੁਸ਼ਕਲ ਆ ਰਹੀ ਹੈ। ਨਗਰ ਪੰਚਾਇਤ ਦੇ ਅਧਿਕਾਰੀ ਮੂਕ ਦਰਸ਼ਕ ਬਣੇ ਹੋਏ ਹਨ।
ਪੰਜਾਬ ਟਾਇਮਜ਼ ਖ਼ਬਰ
ਖਰੜ, 18 ਦਸੰਬਰ (ਰਾਕੇਸ਼ ਭਾਰਦਵਾਜ) - ਨਗਰ ਪੰਚਾਇਤ ਘੜੂੰਆਂ ਦੇ ਇੱਕ ਕੌਂਸਲਰ ਦੇ ਘਰ ਨੇੜੇ ਸੀਵਰੇਜ ਦਾ ਗੰਦਾ ਪਾਣੀ ਜਮ੍ਹਾਂ ਹੋਣ ਕਾਰਨ ਲੋਕਾਂ ਨੂੰ ਭਾਰੀ ਪਰੇਸ਼ਾਨੀ ਦਾ ਸਾਹਮਣਾ ਕਰਨਾ ਪੈ ਰਿਹਾ ਹੈ। ਲੋਕਾਂ ਨੇ ਕਿਹਾ ਕਿ ਕਈ ਵਾਰ ਸ਼ਿਕਾਇਤ ਕਰਨ ਦੇ ਬਾਵਜੂਦ ਕੋਈ ਕਾਰਵਾਈ ਨਹੀਂ ਹੋਈ।
ਕਾਰਨ ਰਾਹਗੀਰਾਂ ਨੂੰ ਭਾਰੀ ਪਰੇਸ਼ਾਨੀਆਂ ਦਾ ਸਾਹਮਣਾ ਕਰਨਾ ਪੈ ਰਿਹਾ ਹੈ। ਲੋਕਾਂ ਨੇ ਮੰਗ ਕੀਤੀ ਕਿ ਇਸ ਸਮੱਸਿਆ ਦਾ ਜਲਦੀ ਹੱਲ ਕੀਤਾ ਜਾਵੇ ਨਹੀਂ ਤਾਂ ਉਹ ਸੰਘਰਸ਼ ਕਰਨ ਲਈ ਮਜਬੂਰ ਹੋਣਗੇ।
ਪ੍ਰਧਾਨ ਨੇ ਕਿਹਾ ਕਿ ਜਲਦੀ ਹੀ ਸੀਵਰੇਜ ਦੀ ਸਫਾਈ ਕਰਵਾ ਕੇ ਸਮੱਸਿਆ ਦਾ ਹੱਲ ਕੀਤਾ ਜਾਵੇਗਾ।
ਬਟਾਲਾ ਵਾਸੀਆਂ ਨੇ ਵਿਕਾਸ ਕੰਮਾਂ 'ਤੇ ਮੋਹਰ ਲਗਾਉਂਦਿਆਂ ਵਰਤਿਆਵੀ ਪਾਰਟੀਆਂ ਨੂੰ ਇੱਕ ਵਾਰ ਫਿਰ ਦਿੱਤਾ ਸਪੱਸ਼ਟ ਸੁਨੇਹਾ : ਵਿਧਾਇਕ ਸ਼ੈਰੀ ਕਲਸੀ
ਪੰਚਾਇਤ ਸੰਮਤੀ ਬਟਾਲਾ ਦੇ 15 ਜ਼ੋਨਾਂ 'ਚੋਂ ਆਮ ਆਦਮੀ ਪਾਰਟੀ ਦੇ ਉਮੀਦਵਾਰਾਂ ਨੇ 13 ਜ਼ੋਨਾਂ ਵਿੱਚ ਸ਼ਾਨਦਾਰ ਜਿੱਤ ਦਰਜ ਕੀਤੀ
ਪੰਜਾਬ ਟਾਇਮਜ਼ ਖ਼ਬਰ
ਬਟਾਲਾ, 18 ਦਸੰਬਰ (ਪਵਨ ਤਰੇਹਨ) - ਪੰਜਾਬ ਦੇ ਕਾਰਜਕਾਰੀ ਪ੍ਰਧਾਨ ਅਤੇ ਬਟਾਲਾ ਦੇ ਨੌਜਵਾਨ ਵਿਧਾਇਕ ਅਮਨਸ਼ੇਰ ਸਿੰਘ ਸ਼ੈਰੀ ਕਲਸੀ ਨੇ ਕਿਹਾ ਕਿ ਬਟਾਲਾ ਵਾਸੀਆਂ ਨੇ ਵਿਕਾਸ ਕੰਮਾਂ 'ਤੇ ਮੋਹਰ ਲਗਾਉਂਦਿਆਂ ਇੱਕ ਵਾਰ ਫਿਰ ਸਪੱਸ਼ਟ ਸੁਨੇਹਾ ਦਿੱਤਾ ਹੈ।
ਵਿਕਾਸ ਕੰਮਾਂ 'ਤੇ ਮੋਹਰ ਲਗਾਉਂਦਿਆਂ ਵਰਤਿਆਵੀ ਪਾਰਟੀਆਂ ਨੂੰ ਇੱਕ ਵਾਰ ਫਿਰ ਸਪੱਸ਼ਟ ਸੁਨੇਹਾ ਦਿੱਤਾ ਹੈ। ਉਨ੍ਹਾਂ ਕਿਹਾ ਕਿ ਪੰਚਾਇਤ ਸੰਮਤੀ ਬਟਾਲਾ ਦੇ 15 ਜ਼ੋਨਾਂ ਵਿੱਚੋਂ 13 ਜ਼ੋਨਾਂ ਵਿੱਚ ਆਮ ਆਦਮੀ ਪਾਰਟੀ ਦੇ ਉਮੀਦਵਾਰ ਜੇਤੂ ਰਹੇ ਹਨ।
ਵੋਟਾਂ ਨਾਲ ਜੇਤੂ ਰਹੇ। ਜ਼ੋਨ ਵਿੱਚ ਆਪ ਪਾਰਟੀ ਦੇ ਉਮੀਦਵਾਰ ਨੂੰ 928 ਵੋਟਾਂ, ਕਾਂਗਰਸ 618, ਸ਼੍ਰੋਮਣੀ ਅਕਾਲੀ ਦਲ 834 ਅਤੇ ਭਾਜਪਾ ਨੂੰ 62 ਵੋਟਾਂ ਪਈਆਂ।
ਜੋਨ ਤਲਵੰਡੀ ਝੰਗੂਆਂ ਤੋਂ ਆਪ ਪਾਰਟੀ ਦੇ ਉਮੀਦਵਾਰ ਅਮਨਦੀਪ ਕੌਰ 306 ਵੋਟਾਂ ਨਾਲ ਜੇਤੂ ਰਹੇ। ਆਪ ਪਾਰਟੀ ਨੂੰ 951 ਅਤੇ ਸ਼੍ਰੋਮਣੀ ਅਕਾਲੀ ਦਲ ਨੂੰ 645 ਵੋਟਾਂ ਪਈਆਂ।
ਵੋਟਾਂ ਨਾਲ ਜੇਤੂ ਰਹੇ। ਜ਼ੋਨ ਵਿੱਚ ਆਪ ਪਾਰਟੀ ਦੇ ਉਮੀਦਵਾਰ ਨੂੰ 928 ਵੋਟਾਂ, ਕਾਂਗਰਸ 618, ਸ਼੍ਰੋਮਣੀ ਅਕਾਲੀ ਦਲ 834 ਅਤੇ ਭਾਜਪਾ ਨੂੰ 62 ਵੋਟਾਂ ਪਈਆਂ।
C-K	C-K
